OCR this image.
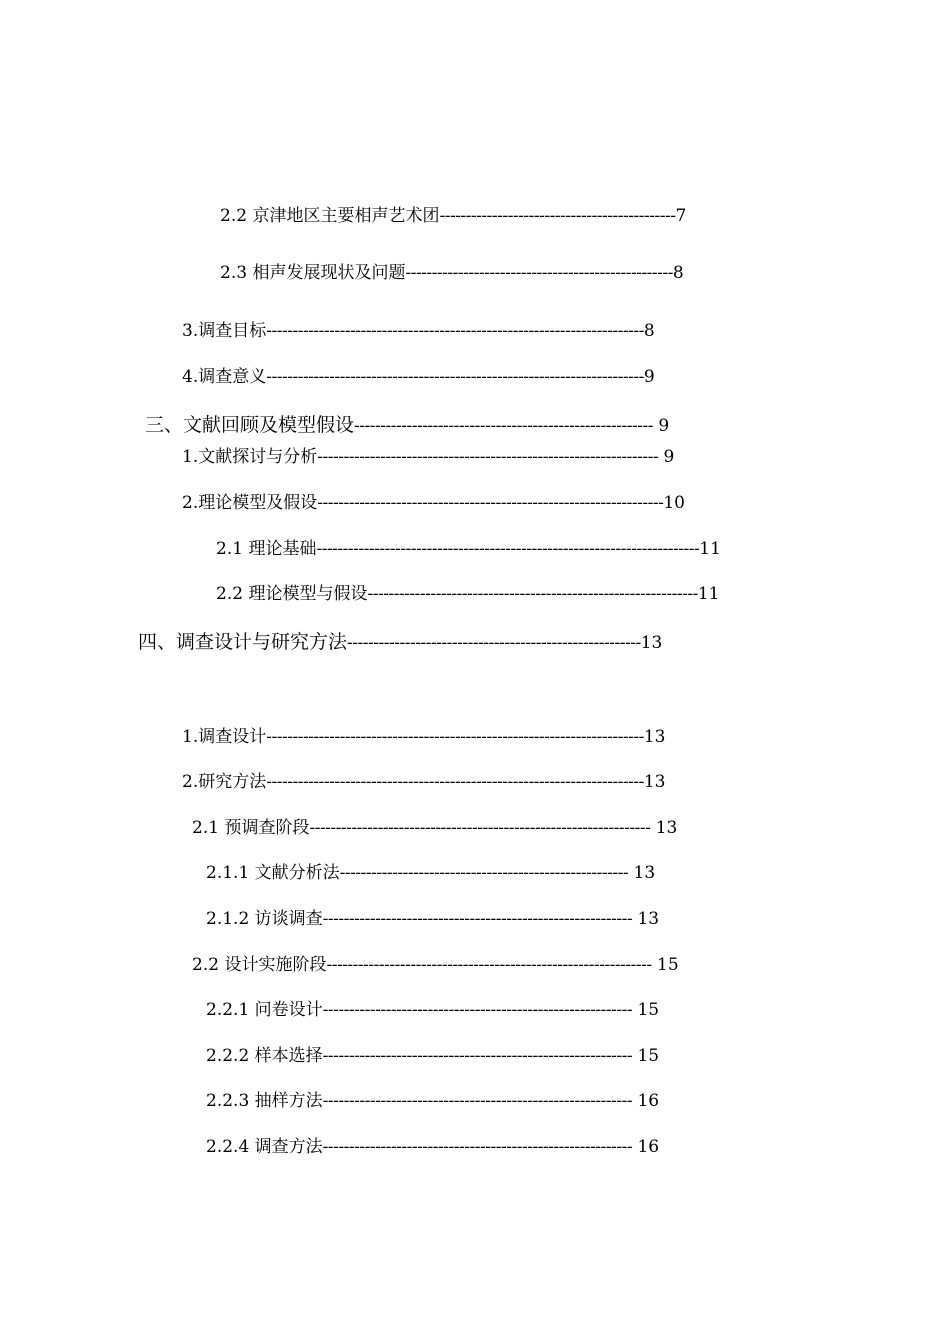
2.2 京津地区主要相声艺术团---------------------------------------------7
2.3 相声发展现状及问题---------------------------------------------------8
3.调查目标------------------------------------------------------------------------8
4.调查意义------------------------------------------------------------------------9
三、文献回顾及模型假设--------------------------------------------------------- 9
1.文献探讨与分析----------------------------------------------------------------- 9
2.理论模型及假设------------------------------------------------------------------10
2.1 理论基础-------------------------------------------------------------------------11
2.2 理论模型与假设---------------------------------------------------------------11
四、调查设计与研究方法--------------------------------------------------------13
1.调查设计------------------------------------------------------------------------13
2.研究方法------------------------------------------------------------------------13
2.1 预调查阶段----------------------------------------------------------------- 13
2.1.1 文献分析法------------------------------------------------------- 13
2.1.2 访谈调查----------------------------------------------------------- 13
2.2 设计实施阶段-------------------------------------------------------------- 15
2.2.1 问卷设计----------------------------------------------------------- 15
2.2.2 样本选择----------------------------------------------------------- 15
2.2.3 抽样方法----------------------------------------------------------- 16
2.2.4 调查方法----------------------------------------------------------- 16
